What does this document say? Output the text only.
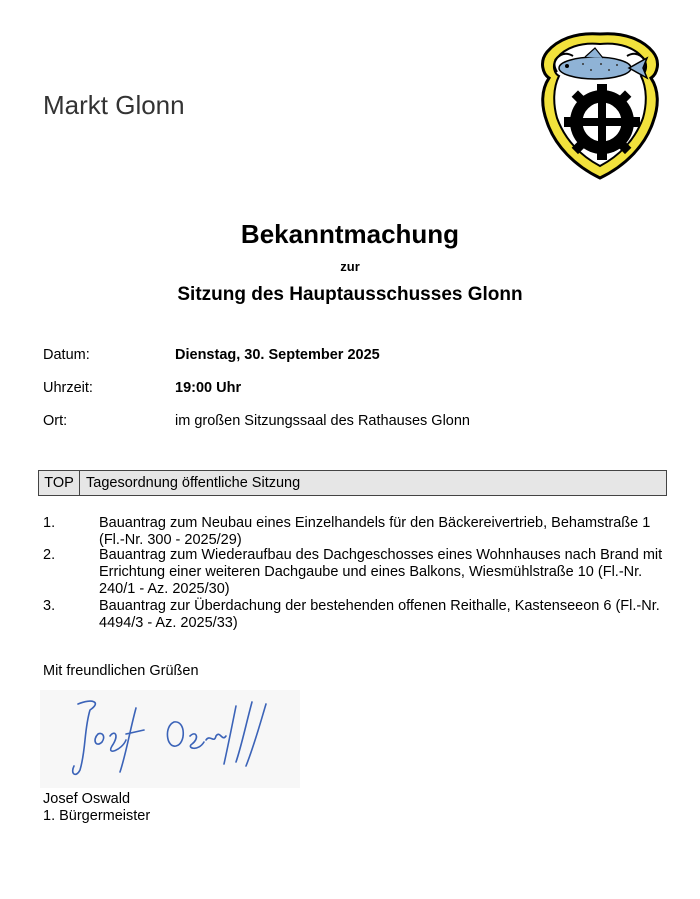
Markt Glonn
Bekanntmachung
zur
Sitzung des Hauptausschusses Glonn
Datum:	Dienstag, 30. September 2025
Uhrzeit:	19:00 Uhr
Ort:	im großen Sitzungssaal des Rathauses Glonn
TOP Tagesordnung öffentliche Sitzung
1.	Bauantrag zum Neubau eines Einzelhandels für den Bäckereivertrieb, Behamstraße 1 (Fl.-Nr. 300 - 2025/29)
2.	Bauantrag zum Wiederaufbau des Dachgeschosses eines Wohnhauses nach Brand mit Errichtung einer weiteren Dachgaube und eines Balkons, Wiesmühlstraße 10 (Fl.-Nr. 240/1 - Az. 2025/30)
3.	Bauantrag zur Überdachung der bestehenden offenen Reithalle, Kastenseeon 6 (Fl.-Nr. 4494/3 - Az. 2025/33)
Mit freundlichen Grüßen
Josef Oswald
1. Bürgermeister
